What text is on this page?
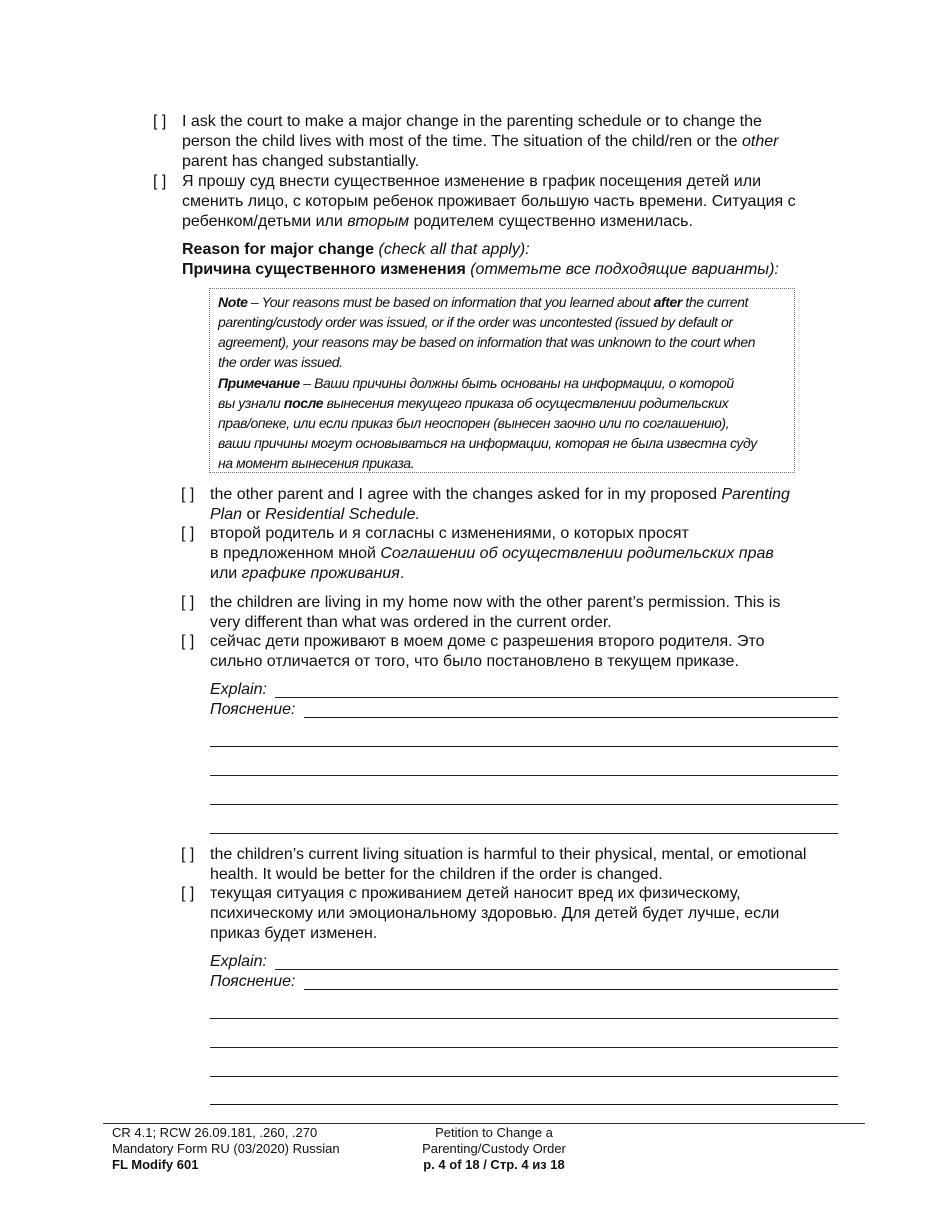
[ ] I ask the court to make a major change in the parenting schedule or to change the
person the child lives with most of the time. The situation of the child/ren or the other
parent has changed substantially.
[ ] Я прошу суд внести существенное изменение в график посещения детей или
сменить лицо, с которым ребенок проживает большую часть времени. Ситуация с
ребенком/детьми или вторым родителем существенно изменилась.
Reason for major change (check all that apply):
Причина существенного изменения (отметьте все подходящие варианты):
Note – Your reasons must be based on information that you learned about after the current
parenting/custody order was issued, or if the order was uncontested (issued by default or
agreement), your reasons may be based on information that was unknown to the court when
the order was issued.
Примечание – Ваши причины должны быть основаны на информации, о которой
вы узнали после вынесения текущего приказа об осуществлении родительских
прав/опеке, или если приказ был неоспорен (вынесен заочно или по соглашению),
ваши причины могут основываться на информации, которая не была известна суду
на момент вынесения приказа.
[ ] the other parent and I agree with the changes asked for in my proposed Parenting
Plan or Residential Schedule.
[ ] второй родитель и я согласны с изменениями, о которых просят
в предложенном мной Соглашении об осуществлении родительских прав
или графике проживания.
[ ] the children are living in my home now with the other parent’s permission. This is
very different than what was ordered in the current order.
[ ] сейчас дети проживают в моем доме с разрешения второго родителя. Это
сильно отличается от того, что было постановлено в текущем приказе.
Explain:
Пояснение:
[ ] the children’s current living situation is harmful to their physical, mental, or emotional
health. It would be better for the children if the order is changed.
[ ] текущая ситуация с проживанием детей наносит вред их физическому,
психическому или эмоциональному здоровью. Для детей будет лучше, если
приказ будет изменен.
Explain:
Пояснение:
CR 4.1; RCW 26.09.181, .260, .270
Mandatory Form RU (03/2020) Russian
FL Modify 601
Petition to Change a
Parenting/Custody Order
p. 4 of 18 / Стр. 4 из 18
